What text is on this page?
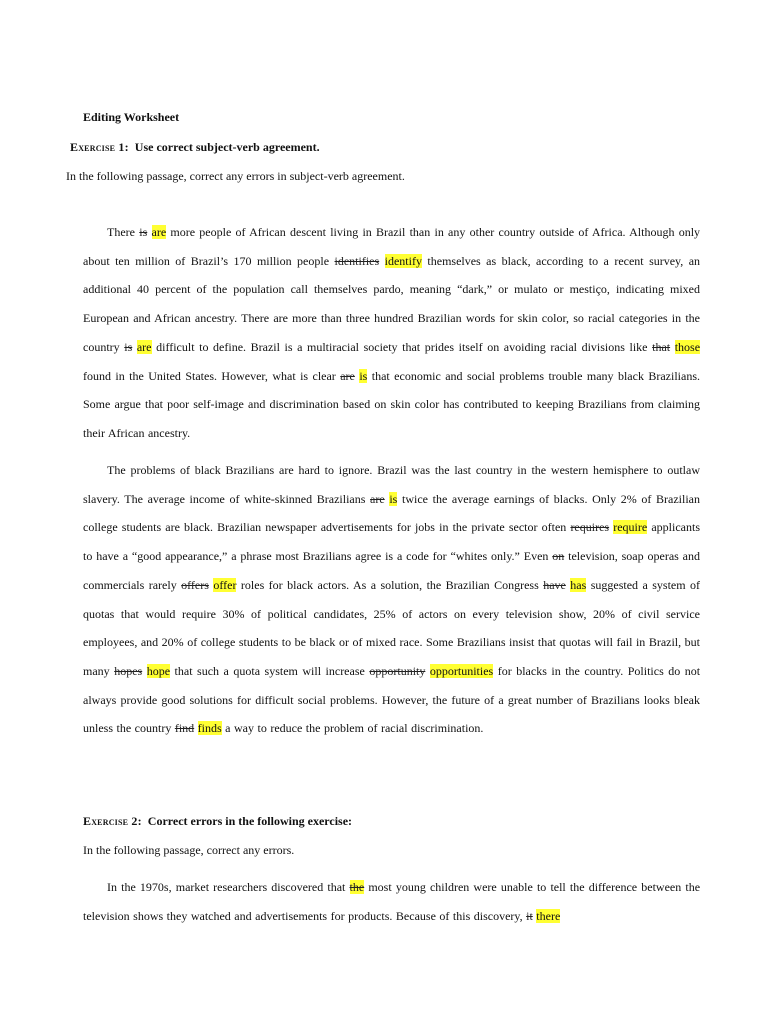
Editing Worksheet
Exercise 1: Use correct subject-verb agreement.

In the following passage, correct any errors in subject-verb agreement.

There is are more people of African descent living in Brazil than in any other country outside of Africa. Although only about ten million of Brazil’s 170 million people identifies identify themselves as black, according to a recent survey, an additional 40 percent of the population call themselves pardo, meaning “dark,” or mulato or mestiço, indicating mixed European and African ancestry. There are more than three hundred Brazilian words for skin color, so racial categories in the country is are difficult to define. Brazil is a multiracial society that prides itself on avoiding racial divisions like that those found in the United States. However, what is clear are is that economic and social problems trouble many black Brazilians. Some argue that poor self-image and discrimination based on skin color has contributed to keeping Brazilians from claiming their African ancestry.

The problems of black Brazilians are hard to ignore. Brazil was the last country in the western hemisphere to outlaw slavery. The average income of white-skinned Brazilians are is twice the average earnings of blacks. Only 2% of Brazilian college students are black. Brazilian newspaper advertisements for jobs in the private sector often requires require applicants to have a “good appearance,” a phrase most Brazilians agree is a code for “whites only.” Even on television, soap operas and commercials rarely offers offer roles for black actors. As a solution, the Brazilian Congress have has suggested a system of quotas that would require 30% of political candidates, 25% of actors on every television show, 20% of civil service employees, and 20% of college students to be black or of mixed race. Some Brazilians insist that quotas will fail in Brazil, but many hopes hope that such a quota system will increase opportunity opportunities for blacks in the country. Politics do not always provide good solutions for difficult social problems. However, the future of a great number of Brazilians looks bleak unless the country find finds a way to reduce the problem of racial discrimination.

Exercise 2: Correct errors in the following exercise:

In the following passage, correct any errors.

In the 1970s, market researchers discovered that the most young children were unable to tell the difference between the television shows they watched and advertisements for products. Because of this discovery, it there
